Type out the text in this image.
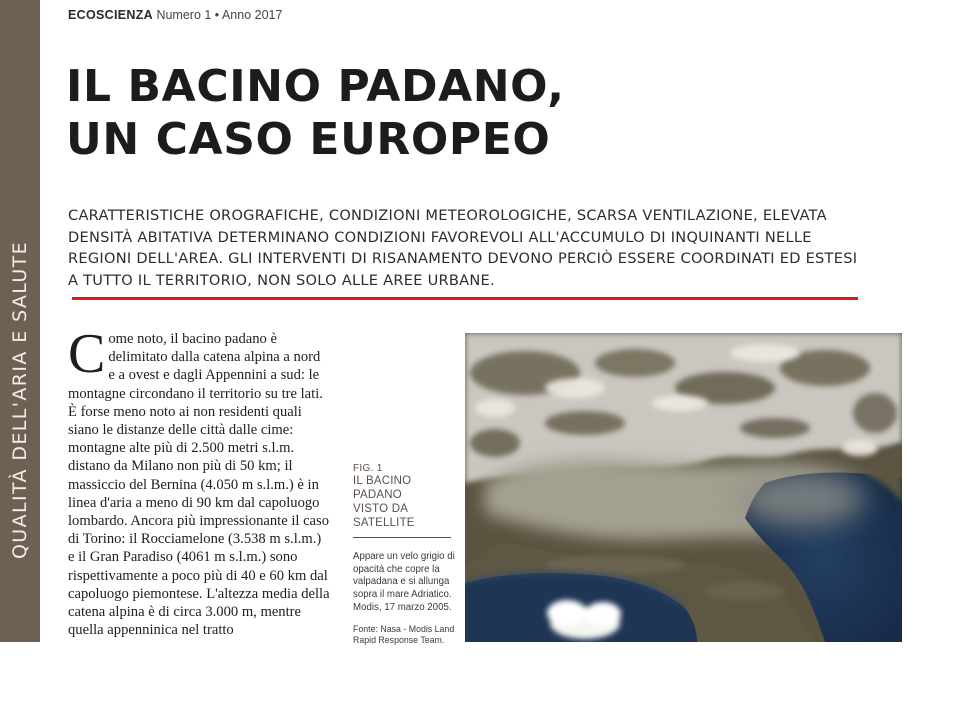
QUALITÀ DELL'ARIA E SALUTE
ECOSCIENZA Numero 1 • Anno 2017
IL BACINO PADANO,
UN CASO EUROPEO

CARATTERISTICHE OROGRAFICHE, CONDIZIONI METEOROLOGICHE, SCARSA VENTILAZIONE, ELEVATA DENSITÀ ABITATIVA DETERMINANO CONDIZIONI FAVOREVOLI ALL'ACCUMULO DI INQUINANTI NELLE REGIONI DELL'AREA. GLI INTERVENTI DI RISANAMENTO DEVONO PERCIÒ ESSERE COORDINATI ED ESTESI A TUTTO IL TERRITORIO, NON SOLO ALLE AREE URBANE.

Come noto, il bacino padano è delimitato dalla catena alpina a nord e a ovest e dagli Appennini a sud: le montagne circondano il territorio su tre lati. È forse meno noto ai non residenti quali siano le distanze delle città dalle cime: montagne alte più di 2.500 metri s.l.m. distano da Milano non più di 50 km; il massiccio del Bernina (4.050 m s.l.m.) è in linea d'aria a meno di 90 km dal capoluogo lombardo. Ancora più impressionante il caso di Torino: il Rocciamelone (3.538 m s.l.m.) e il Gran Paradiso (4061 m s.l.m.) sono rispettivamente a poco più di 40 e 60 km dal capoluogo piemontese. L'altezza media della catena alpina è di circa 3.000 m, mentre quella appenninica nel tratto

FIG. 1
IL BACINO PADANO
VISTO DA SATELLITE
Appare un velo grigio di opacità che copre la valpadana e si allunga sopra il mare Adriatico. Modis, 17 marzo 2005.
Fonte: Nasa - Modis Land Rapid Response Team.
